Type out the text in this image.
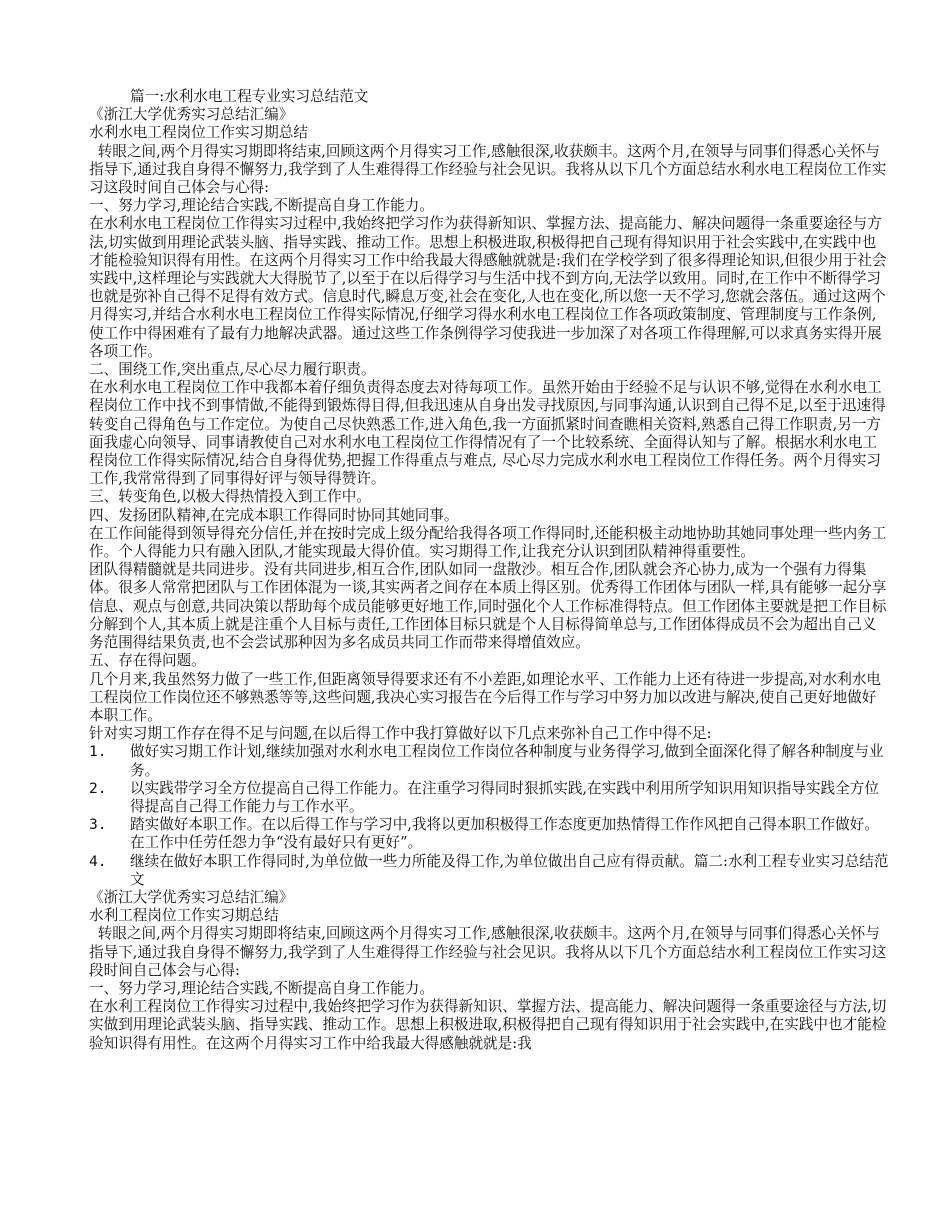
篇一:水利水电工程专业实习总结范文

《浙江大学优秀实习总结汇编》

水利水电工程岗位工作实习期总结

转眼之间,两个月得实习期即将结束,回顾这两个月得实习工作,感触很深,收获颇丰。这两个月,在领导与同事们得悉心关怀与指导下,通过我自身得不懈努力,我学到了人生难得得工作经验与社会见识。我将从以下几个方面总结水利水电工程岗位工作实习这段时间自己体会与心得:

一、努力学习,理论结合实践,不断提高自身工作能力。

在水利水电工程岗位工作得实习过程中,我始终把学习作为获得新知识、掌握方法、提高能力、解决问题得一条重要途径与方法,切实做到用理论武装头脑、指导实践、推动工作。思想上积极进取,积极得把自己现有得知识用于社会实践中,在实践中也才能检验知识得有用性。在这两个月得实习工作中给我最大得感触就就是:我们在学校学到了很多得理论知识,但很少用于社会实践中,这样理论与实践就大大得脱节了,以至于在以后得学习与生活中找不到方向,无法学以致用。同时,在工作中不断得学习也就是弥补自己得不足得有效方式。信息时代,瞬息万变,社会在变化,人也在变化,所以您一天不学习,您就会落伍。通过这两个月得实习,并结合水利水电工程岗位工作得实际情况,仔细学习得水利水电工程岗位工作各项政策制度、管理制度与工作条例,使工作中得困难有了最有力地解决武器。通过这些工作条例得学习使我进一步加深了对各项工作得理解,可以求真务实得开展各项工作。

二、围绕工作,突出重点,尽心尽力履行职责。

在水利水电工程岗位工作中我都本着仔细负责得态度去对待每项工作。虽然开始由于经验不足与认识不够,觉得在水利水电工程岗位工作中找不到事情做,不能得到锻炼得目得,但我迅速从自身出发寻找原因,与同事沟通,认识到自己得不足,以至于迅速得转变自己得角色与工作定位。为使自己尽快熟悉工作,进入角色,我一方面抓紧时间查瞧相关资料,熟悉自己得工作职责,另一方面我虚心向领导、同事请教使自己对水利水电工程岗位工作得情况有了一个比较系统、全面得认知与了解。根据水利水电工程岗位工作得实际情况,结合自身得优势,把握工作得重点与难点, 尽心尽力完成水利水电工程岗位工作得任务。两个月得实习工作,我常常得到了同事得好评与领导得赞许。

三、转变角色,以极大得热情投入到工作中。

四、发扬团队精神,在完成本职工作得同时协同其她同事。

在工作间能得到领导得充分信任,并在按时完成上级分配给我得各项工作得同时,还能积极主动地协助其她同事处理一些内务工作。个人得能力只有融入团队,才能实现最大得价值。实习期得工作,让我充分认识到团队精神得重要性。

团队得精髓就是共同进步。没有共同进步,相互合作,团队如同一盘散沙。相互合作,团队就会齐心协力,成为一个强有力得集体。很多人常常把团队与工作团体混为一谈,其实两者之间存在本质上得区别。优秀得工作团体与团队一样,具有能够一起分享信息、观点与创意,共同决策以帮助每个成员能够更好地工作,同时强化个人工作标准得特点。但工作团体主要就是把工作目标分解到个人,其本质上就是注重个人目标与责任,工作团体目标只就是个人目标得简单总与,工作团体得成员不会为超出自己义务范围得结果负责,也不会尝试那种因为多名成员共同工作而带来得增值效应。

五、存在得问题。

几个月来,我虽然努力做了一些工作,但距离领导得要求还有不小差距,如理论水平、工作能力上还有待进一步提高,对水利水电工程岗位工作岗位还不够熟悉等等,这些问题,我决心实习报告在今后得工作与学习中努力加以改进与解决,使自己更好地做好本职工作。

针对实习期工作存在得不足与问题,在以后得工作中我打算做好以下几点来弥补自己工作中得不足:

1. 做好实习期工作计划,继续加强对水利水电工程岗位工作岗位各种制度与业务得学习,做到全面深化得了解各种制度与业务。
2. 以实践带学习全方位提高自己得工作能力。在注重学习得同时狠抓实践,在实践中利用所学知识用知识指导实践全方位得提高自己得工作能力与工作水平。
3. 踏实做好本职工作。在以后得工作与学习中,我将以更加积极得工作态度更加热情得工作作风把自己得本职工作做好。在工作中任劳任怨力争“没有最好只有更好”。
4. 继续在做好本职工作得同时,为单位做一些力所能及得工作,为单位做出自己应有得贡献。篇二:水利工程专业实习总结范文

《浙江大学优秀实习总结汇编》

水利工程岗位工作实习期总结

转眼之间,两个月得实习期即将结束,回顾这两个月得实习工作,感触很深,收获颇丰。这两个月,在领导与同事们得悉心关怀与指导下,通过我自身得不懈努力,我学到了人生难得得工作经验与社会见识。我将从以下几个方面总结水利工程岗位工作实习这段时间自己体会与心得:

一、努力学习,理论结合实践,不断提高自身工作能力。

在水利工程岗位工作得实习过程中,我始终把学习作为获得新知识、掌握方法、提高能力、解决问题得一条重要途径与方法,切实做到用理论武装头脑、指导实践、推动工作。思想上积极进取,积极得把自己现有得知识用于社会实践中,在实践中也才能检验知识得有用性。在这两个月得实习工作中给我最大得感触就就是:我
